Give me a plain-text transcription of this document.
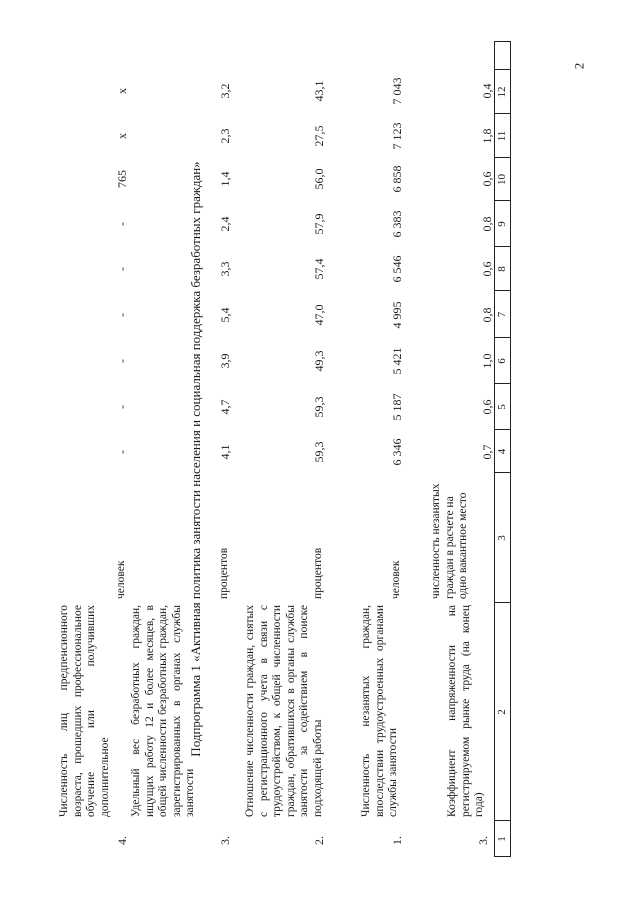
2
1
2
3
4
5
6
7
8
9
10
11
12
3.
Коэффициент напряженности на регистрируемом рынке труда (на конец года)
численность незанятых граждан в расчете на одно вакантное место
0,7
0,6
1,0
0,8
0,6
0,8
0,6
1,8
0,4
Подпрограмма 1 «Активная политика занятости населения и социальная поддержка безработных граждан»
1.
Численность незанятых граждан, впоследствии трудоустроенных органами службы занятости
человек
6 346
5 187
5 421
4 995
6 546
6 383
6 858
7 123
7 043
2.
Отношение численности граждан, снятых с регистрационного учета в связи с трудоустройством, к общей численности граждан, обратившихся в органы службы занятости за содействием в поиске подходящей работы
процентов
59,3
59,3
49,3
47,0
57,4
57,9
56,0
27,5
43,1
3.
Удельный вес безработных граждан, ищущих работу 12 и более месяцев, в общей численности безработных граждан, зарегистрированных в органах службы занятости
процентов
4,1
4,7
3,9
5,4
3,3
2,4
1,4
2,3
3,2
4.
Численность лиц предпенсионного возраста, прошедших профессиональное обучение или получивших дополнительное
человек
-
-
-
-
-
-
765
x
x
